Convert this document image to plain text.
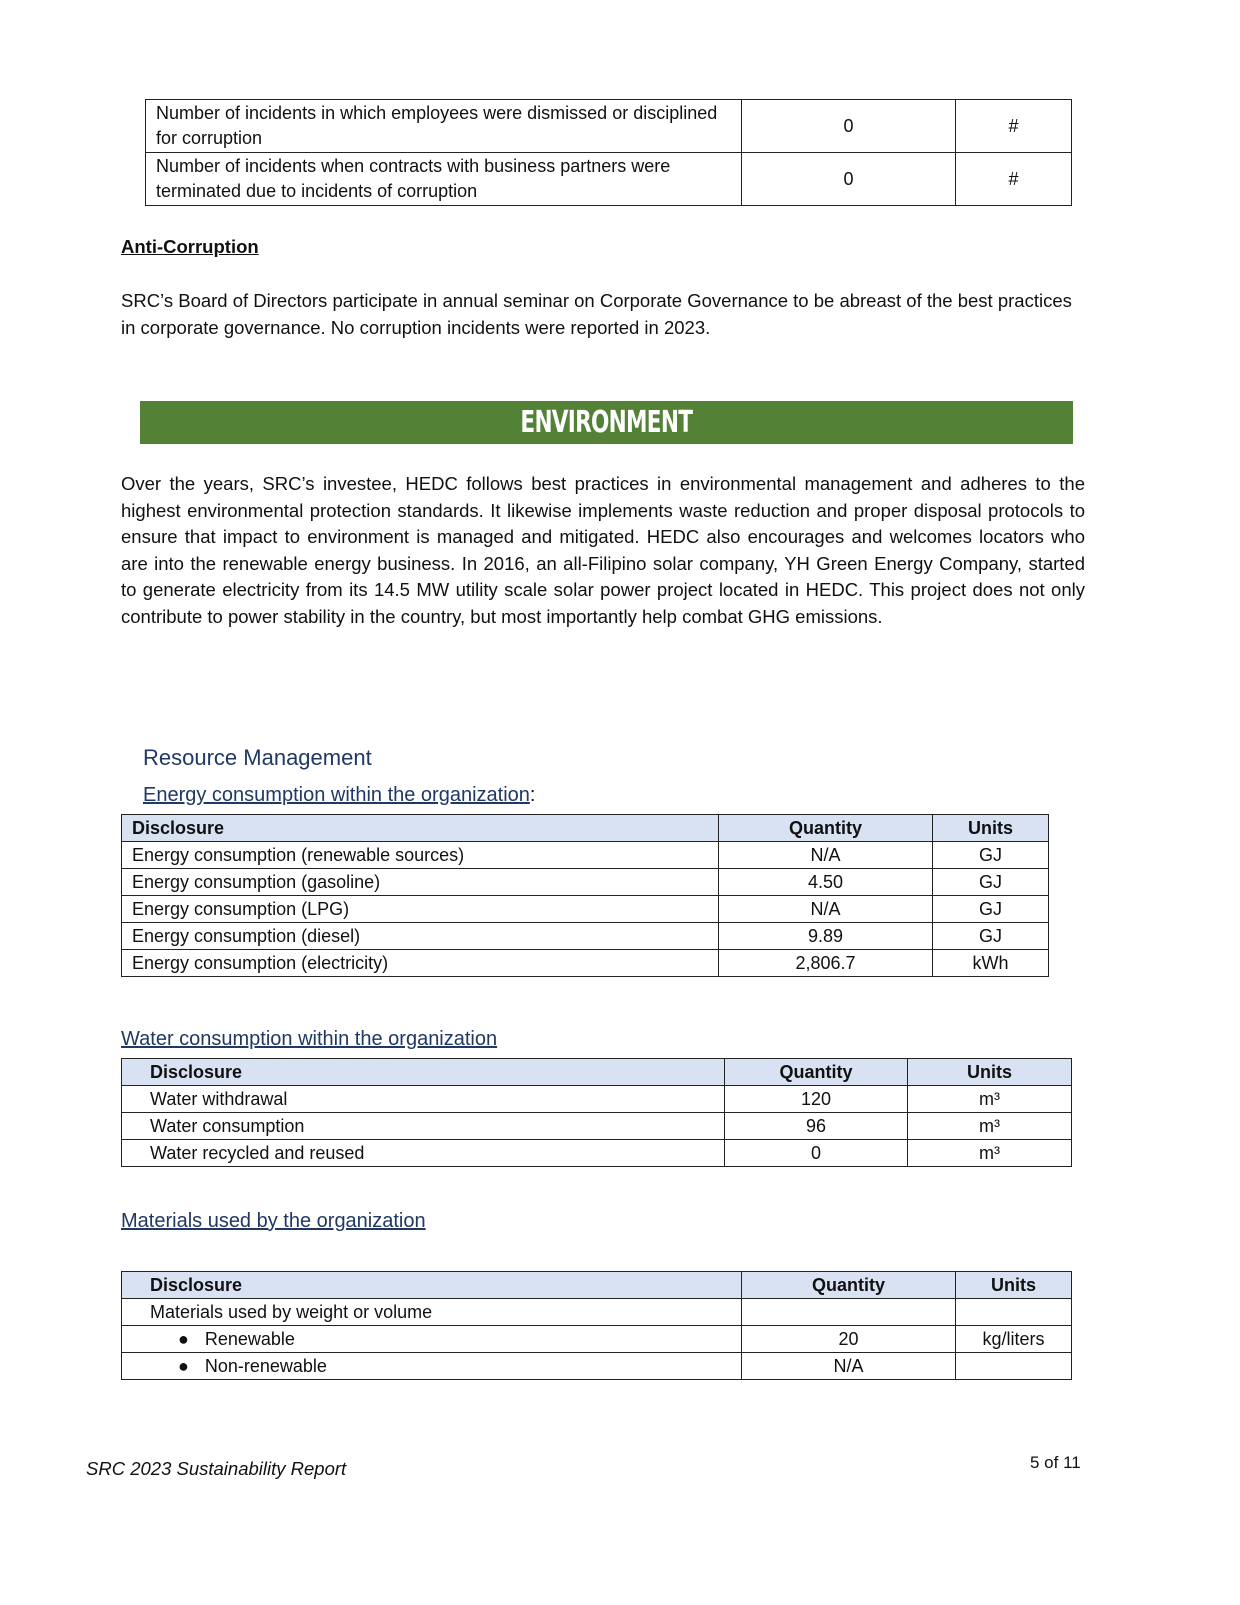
Number of incidents in which employees were dismissed or disciplined for corruption	0	#
Number of incidents when contracts with business partners were terminated due to incidents of corruption	0	#
Anti-Corruption
SRC’s Board of Directors participate in annual seminar on Corporate Governance to be abreast of the best practices in corporate governance. No corruption incidents were reported in 2023.
ENVIRONMENT
Over the years, SRC’s investee, HEDC follows best practices in environmental management and adheres to the highest environmental protection standards. It likewise implements waste reduction and proper disposal protocols to ensure that impact to environment is managed and mitigated. HEDC also encourages and welcomes locators who are into the renewable energy business. In 2016, an all-Filipino solar company, YH Green Energy Company, started to generate electricity from its 14.5 MW utility scale solar power project located in HEDC. This project does not only contribute to power stability in the country, but most importantly help combat GHG emissions.
Resource Management
Energy consumption within the organization:
Disclosure	Quantity	Units
Energy consumption (renewable sources)	N/A	GJ
Energy consumption (gasoline)	4.50	GJ
Energy consumption (LPG)	N/A	GJ
Energy consumption (diesel)	9.89	GJ
Energy consumption (electricity)	2,806.7	kWh
Water consumption within the organization
Disclosure	Quantity	Units
Water withdrawal	120	m³
Water consumption	96	m³
Water recycled and reused	0	m³
Materials used by the organization
Disclosure	Quantity	Units
Materials used by weight or volume		
● Renewable	20	kg/liters
● Non-renewable	N/A	
SRC 2023 Sustainability Report	5 of 11
